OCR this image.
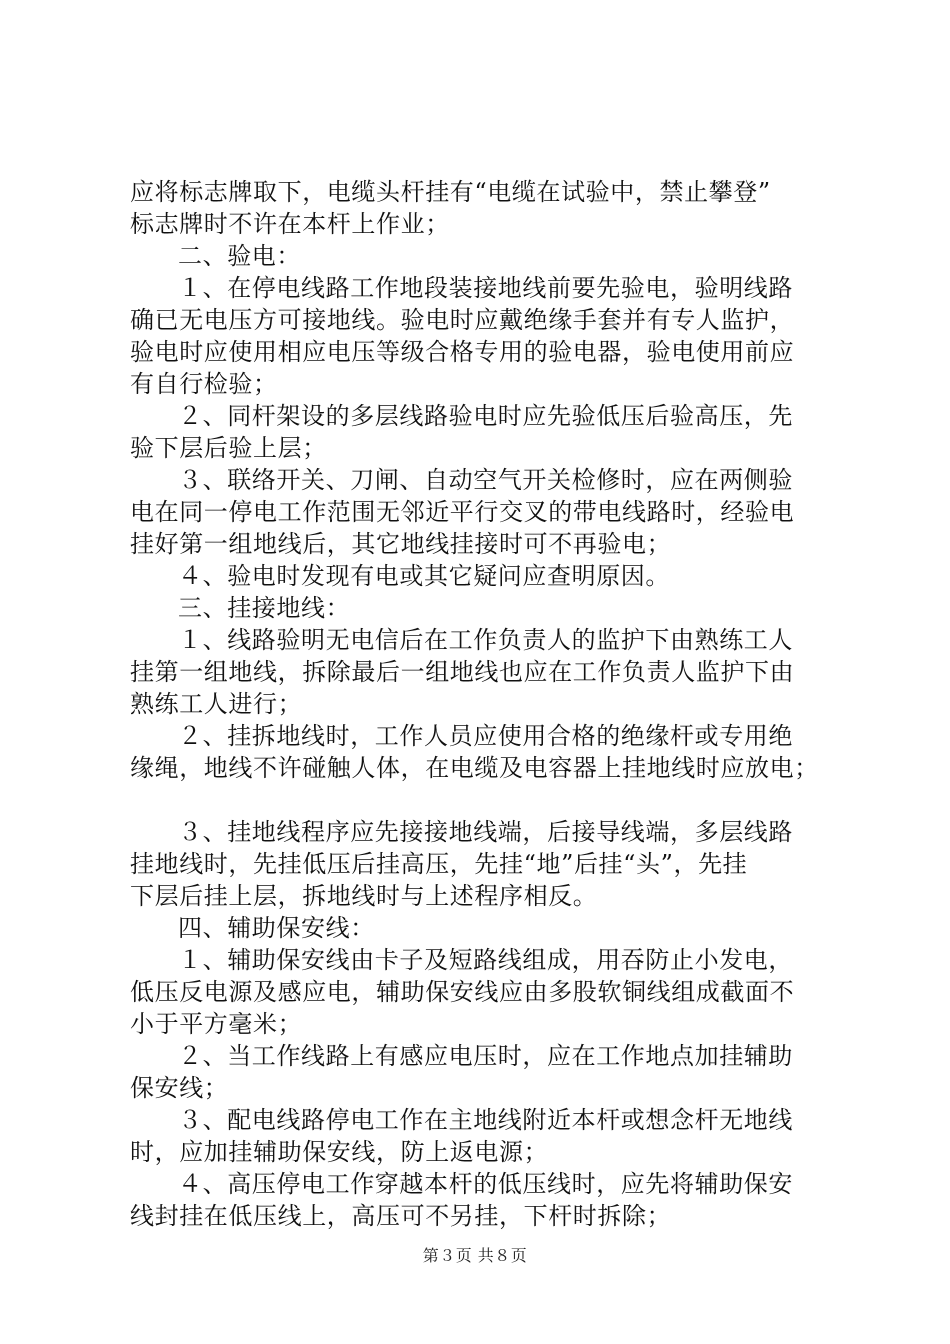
应将标志牌取下，电缆头杆挂有“电缆在试验中，禁止攀登”
标志牌时不许在本杆上作业；
二、验电：
１、在停电线路工作地段装接地线前要先验电，验明线路
确已无电压方可接地线。验电时应戴绝缘手套并有专人监护，
验电时应使用相应电压等级合格专用的验电器，验电使用前应
有自行检验；
２、同杆架设的多层线路验电时应先验低压后验高压，先
验下层后验上层；
３、联络开关、刀闸、自动空气开关检修时，应在两侧验
电在同一停电工作范围无邻近平行交叉的带电线路时，经验电
挂好第一组地线后，其它地线挂接时可不再验电；
４、验电时发现有电或其它疑问应查明原因。
三、挂接地线：
１、线路验明无电信后在工作负责人的监护下由熟练工人
挂第一组地线，拆除最后一组地线也应在工作负责人监护下由
熟练工人进行；
２、挂拆地线时，工作人员应使用合格的绝缘杆或专用绝
缘绳，地线不许碰触人体，在电缆及电容器上挂地线时应放电；
３、挂地线程序应先接接地线端，后接导线端，多层线路
挂地线时，先挂低压后挂高压，先挂“地”后挂“头”，先挂
下层后挂上层，拆地线时与上述程序相反。
四、辅助保安线：
１、辅助保安线由卡子及短路线组成，用吞防止小发电，
低压反电源及感应电，辅助保安线应由多股软铜线组成截面不
小于平方毫米；
２、当工作线路上有感应电压时，应在工作地点加挂辅助
保安线；
３、配电线路停电工作在主地线附近本杆或想念杆无地线
时，应加挂辅助保安线，防上返电源；
４、高压停电工作穿越本杆的低压线时，应先将辅助保安
线封挂在低压线上，高压可不另挂，下杆时拆除；
第３页 共８页
